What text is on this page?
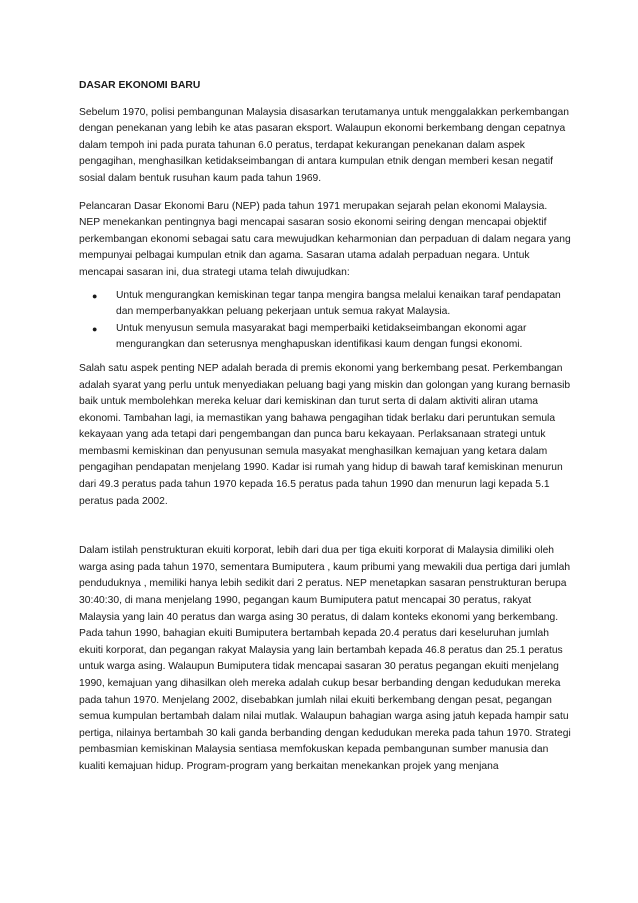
DASAR EKONOMI BARU

Sebelum 1970, polisi pembangunan Malaysia disasarkan terutamanya untuk menggalakkan perkembangan dengan penekanan yang lebih ke atas pasaran eksport. Walaupun ekonomi berkembang dengan cepatnya dalam tempoh ini pada purata tahunan 6.0 peratus, terdapat kekurangan penekanan dalam aspek pengagihan, menghasilkan ketidakseimbangan di antara kumpulan etnik dengan memberi kesan negatif sosial dalam bentuk rusuhan kaum pada tahun 1969.

Pelancaran Dasar Ekonomi Baru (NEP) pada tahun 1971 merupakan sejarah pelan ekonomi Malaysia. NEP menekankan pentingnya bagi mencapai sasaran sosio ekonomi seiring dengan mencapai objektif perkembangan ekonomi sebagai satu cara mewujudkan keharmonian dan perpaduan di dalam negara yang mempunyai pelbagai kumpulan etnik dan agama. Sasaran utama adalah perpaduan negara. Untuk mencapai sasaran ini, dua strategi utama telah diwujudkan:

● Untuk mengurangkan kemiskinan tegar tanpa mengira bangsa melalui kenaikan taraf pendapatan dan memperbanyakkan peluang pekerjaan untuk semua rakyat Malaysia.
● Untuk menyusun semula masyarakat bagi memperbaiki ketidakseimbangan ekonomi agar mengurangkan dan seterusnya menghapuskan identifikasi kaum dengan fungsi ekonomi.

Salah satu aspek penting NEP adalah berada di premis ekonomi yang berkembang pesat. Perkembangan adalah syarat yang perlu untuk menyediakan peluang bagi yang miskin dan golongan yang kurang bernasib baik untuk membolehkan mereka keluar dari kemiskinan dan turut serta di dalam aktiviti aliran utama ekonomi. Tambahan lagi, ia memastikan yang bahawa pengagihan tidak berlaku dari peruntukan semula kekayaan yang ada tetapi dari pengembangan dan punca baru kekayaan. Perlaksanaan strategi untuk membasmi kemiskinan dan penyusunan semula masyakat menghasilkan kemajuan yang ketara dalam pengagihan pendapatan menjelang 1990. Kadar isi rumah yang hidup di bawah taraf kemiskinan menurun dari 49.3 peratus pada tahun 1970 kepada 16.5 peratus pada tahun 1990 dan menurun lagi kepada 5.1 peratus pada 2002.

Dalam istilah penstrukturan ekuiti korporat, lebih dari dua per tiga ekuiti korporat di Malaysia dimiliki oleh warga asing pada tahun 1970, sementara Bumiputera , kaum pribumi yang mewakili dua pertiga dari jumlah penduduknya , memiliki hanya lebih sedikit dari 2 peratus. NEP menetapkan sasaran penstrukturan berupa 30:40:30, di mana menjelang 1990, pegangan kaum Bumiputera patut mencapai 30 peratus, rakyat Malaysia yang lain 40 peratus dan warga asing 30 peratus, di dalam konteks ekonomi yang berkembang. Pada tahun 1990, bahagian ekuiti Bumiputera bertambah kepada 20.4 peratus dari keseluruhan jumlah ekuiti korporat, dan pegangan rakyat Malaysia yang lain bertambah kepada 46.8 peratus dan 25.1 peratus untuk warga asing. Walaupun Bumiputera tidak mencapai sasaran 30 peratus pegangan ekuiti menjelang 1990, kemajuan yang dihasilkan oleh mereka adalah cukup besar berbanding dengan kedudukan mereka pada tahun 1970. Menjelang 2002, disebabkan jumlah nilai ekuiti berkembang dengan pesat, pegangan semua kumpulan bertambah dalam nilai mutlak. Walaupun bahagian warga asing jatuh kepada hampir satu pertiga, nilainya bertambah 30 kali ganda berbanding dengan kedudukan mereka pada tahun 1970. Strategi pembasmian kemiskinan Malaysia sentiasa memfokuskan kepada pembangunan sumber manusia dan kualiti kemajuan hidup. Program-program yang berkaitan menekankan projek yang menjana
